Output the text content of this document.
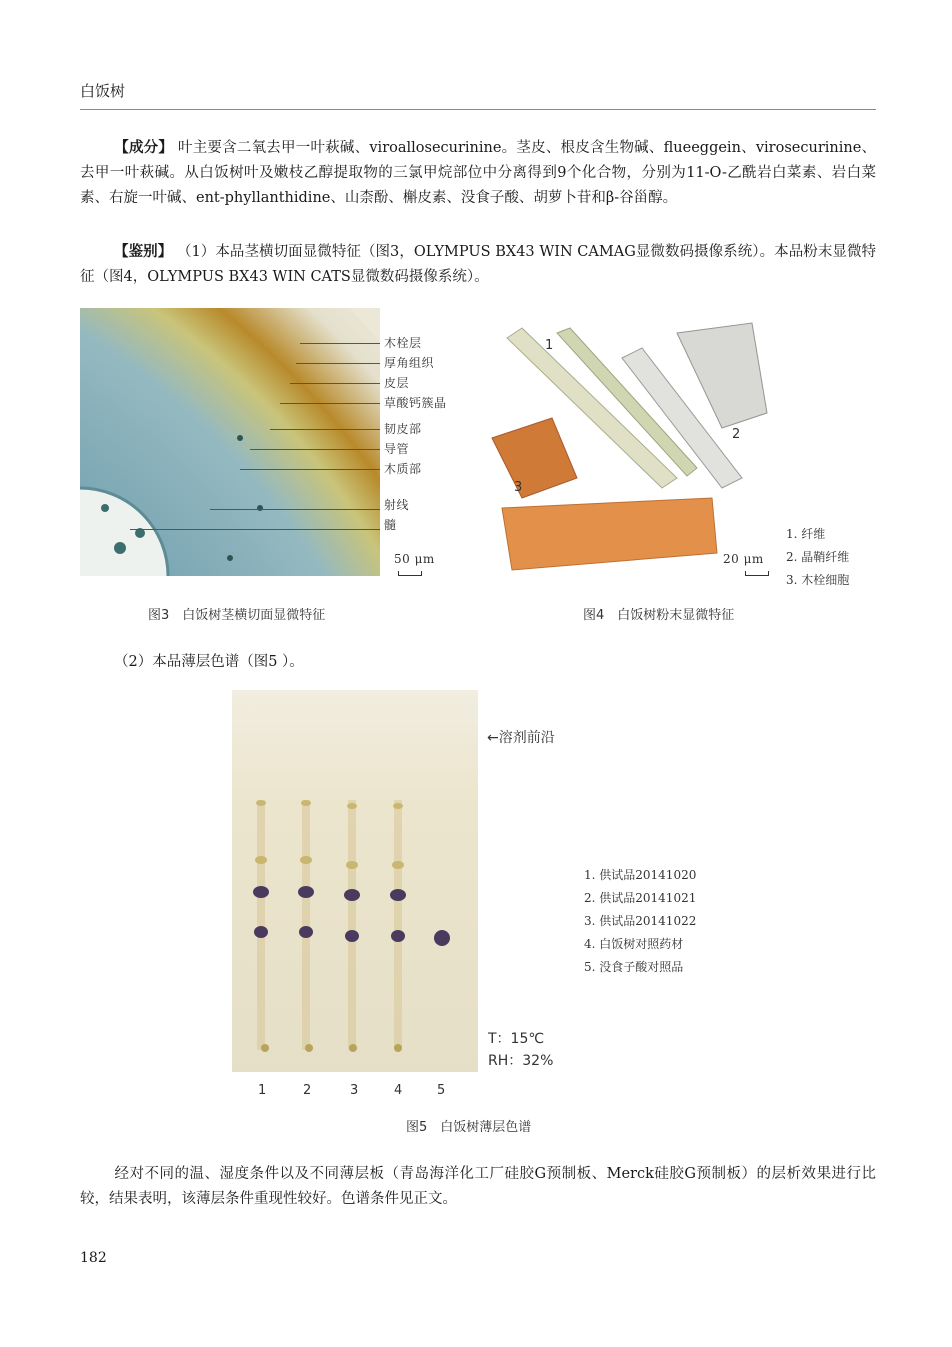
白饭树
【成分】 叶主要含二氧去甲一叶萩碱、viroallosecurinine。茎皮、根皮含生物碱、flueeggein、virosecurinine、去甲一叶萩碱。从白饭树叶及嫩枝乙醇提取物的三氯甲烷部位中分离得到9个化合物，分别为11-O-乙酰岩白菜素、岩白菜素、右旋一叶碱、ent-phyllanthidine、山柰酚、槲皮素、没食子酸、胡萝卜苷和β-谷甾醇。
【鉴别】 （1）本品茎横切面显微特征（图3，OLYMPUS BX43 WIN CAMAG显微数码摄像系统）。本品粉末显微特征（图4，OLYMPUS BX43 WIN CATS显微数码摄像系统）。
木栓层
厚角组织
皮层
草酸钙簇晶
韧皮部
导管
木质部
射线
髓
50 μm
图3　白饭树茎横切面显微特征
1
2
3
20 μm
1. 纤维
2. 晶鞘纤维
3. 木栓细胞
图4　白饭树粉末显微特征
（2）本品薄层色谱（图5 ）。
←溶剂前沿
1. 供试品20141020
2. 供试品20141021
3. 供试品20141022
4. 白饭树对照药材
5. 没食子酸对照品
T：15℃
RH：32%
1	2	3	4	5
图5　白饭树薄层色谱
经对不同的温、湿度条件以及不同薄层板（青岛海洋化工厂硅胶G预制板、Merck硅胶G预制板）的层析效果进行比较，结果表明，该薄层条件重现性较好。色谱条件见正文。
182
